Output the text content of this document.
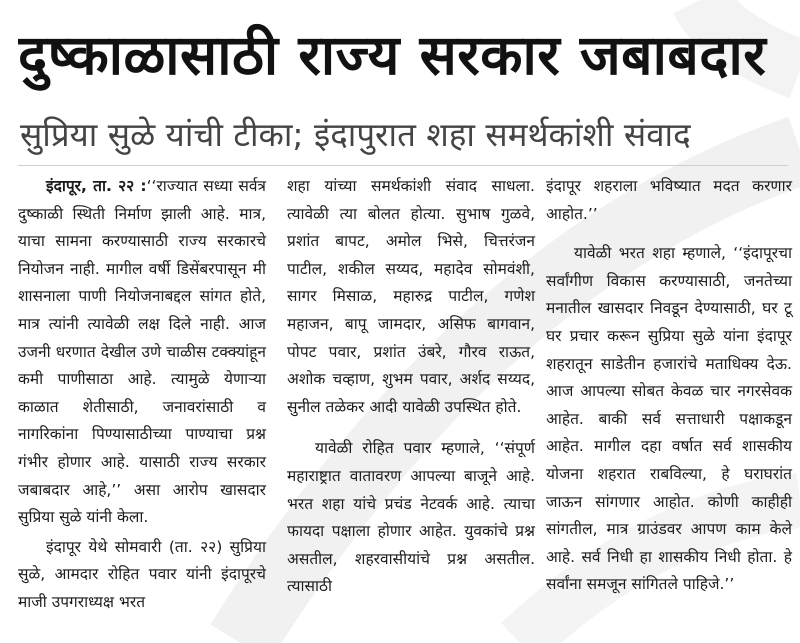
दुष्काळासाठी राज्य सरकार जबाबदार
सुप्रिया सुळे यांची टीका; इंदापुरात शहा समर्थकांशी संवाद

इंदापूर, ता. २२ :‘‘राज्यात सध्या सर्वत्र दुष्काळी स्थिती निर्माण झाली आहे. मात्र, याचा सामना करण्यासाठी राज्य सरकारचे नियोजन नाही. मागील वर्षी डिसेंबरपासून मी शासनाला पाणी नियोजनाबद्दल सांगत होते, मात्र त्यांनी त्यावेळी लक्ष दिले नाही. आज उजनी धरणात देखील उणे चाळीस टक्क्यांहून कमी पाणीसाठा आहे. त्यामुळे येणाऱ्या काळात शेतीसाठी, जनावरांसाठी व नागरिकांना पिण्यासाठीच्या पाण्याचा प्रश्न गंभीर होणार आहे. यासाठी राज्य सरकार जबाबदार आहे,’’ असा आरोप खासदार सुप्रिया सुळे यांनी केला.

इंदापूर येथे सोमवारी (ता. २२) सुप्रिया सुळे, आमदार रोहित पवार यांनी इंदापूरचे माजी उपगराध्यक्ष भरत

शहा यांच्या समर्थकांशी संवाद साधला. त्यावेळी त्या बोलत होत्या. सुभाष गुळवे, प्रशांत बापट, अमोल भिसे, चित्तरंजन पाटील, शकील सय्यद, महादेव सोमवंशी, सागर मिसाळ, महारुद्र पाटील, गणेश महाजन, बापू जामदार, असिफ बागवान, पोपट पवार, प्रशांत उंबरे, गौरव राऊत, अशोक चव्हाण, शुभम पवार, अर्शद सय्यद, सुनील तळेकर आदी यावेळी उपस्थित होते.

यावेळी रोहित पवार म्हणाले, ‘‘संपूर्ण महाराष्ट्रात वातावरण आपल्या बाजूने आहे. भरत शहा यांचे प्रचंड नेटवर्क आहे. त्याचा फायदा पक्षाला होणार आहेत. युवकांचे प्रश्न असतील, शहरवासीयांचे प्रश्न असतील. त्यासाठी

इंदापूर शहराला भविष्यात मदत करणार आहोत.’’

यावेळी भरत शहा म्हणाले, ‘‘इंदापूरचा सर्वांगीण विकास करण्यासाठी, जनतेच्या मनातील खासदार निवडून देण्यासाठी, घर टू घर प्रचार करून सुप्रिया सुळे यांना इंदापूर शहरातून साडेतीन हजारांचे मताधिक्य देऊ. आज आपल्या सोबत केवळ चार नगरसेवक आहेत. बाकी सर्व सत्ताधारी पक्षाकडून आहेत. मागील दहा वर्षात सर्व शासकीय योजना शहरात राबविल्या, हे घराघरांत जाऊन सांगणार आहोत. कोणी काहीही सांगतील, मात्र ग्राउंडवर आपण काम केले आहे. सर्व निधी हा शासकीय निधी होता. हे सर्वांना समजून सांगितले पाहिजे.’’
